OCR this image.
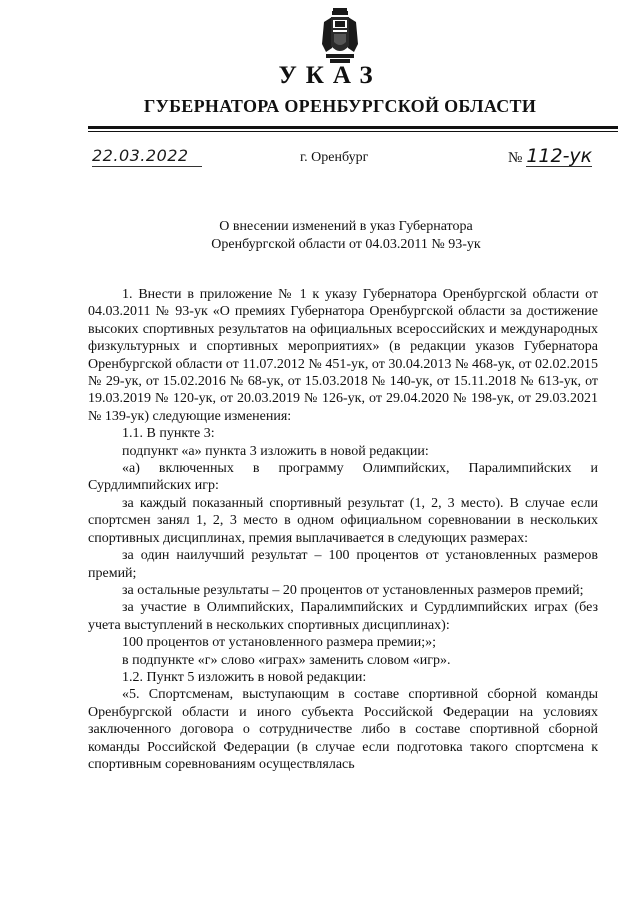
УКАЗ
ГУБЕРНАТОРА ОРЕНБУРГСКОЙ ОБЛАСТИ
22.03.2022	г. Оренбург	№ 112-ук
О внесении изменений в указ Губернатора
Оренбургской области от 04.03.2011 № 93-ук

1. Внести в приложение № 1 к указу Губернатора Оренбургской области от 04.03.2011 № 93-ук «О премиях Губернатора Оренбургской области за достижение высоких спортивных результатов на официальных всероссийских и международных физкультурных и спортивных мероприятиях» (в редакции указов Губернатора Оренбургской области от 11.07.2012 № 451-ук, от 30.04.2013 № 468-ук, от 02.02.2015 № 29-ук, от 15.02.2016 № 68-ук, от 15.03.2018 № 140-ук, от 15.11.2018 № 613-ук, от 19.03.2019 № 120-ук, от 20.03.2019 № 126-ук, от 29.04.2020 № 198-ук, от 29.03.2021 № 139-ук) следующие изменения:

1.1. В пункте 3:

подпункт «а» пункта 3 изложить в новой редакции:

«а) включенных в программу Олимпийских, Паралимпийских и Сурдлимпийских игр:

за каждый показанный спортивный результат (1, 2, 3 место). В случае если спортсмен занял 1, 2, 3 место в одном официальном соревновании в нескольких спортивных дисциплинах, премия выплачивается в следующих размерах:

за один наилучший результат – 100 процентов от установленных размеров премий;

за остальные результаты – 20 процентов от установленных размеров премий;

за участие в Олимпийских, Паралимпийских и Сурдлимпийских играх (без учета выступлений в нескольких спортивных дисциплинах):

100 процентов от установленного размера премии;»;

в подпункте «г» слово «играх» заменить словом «игр».

1.2. Пункт 5 изложить в новой редакции:

«5. Спортсменам, выступающим в составе спортивной сборной команды Оренбургской области и иного субъекта Российской Федерации на условиях заключенного договора о сотрудничестве либо в составе спортивной сборной команды Российской Федерации (в случае если подготовка такого спортсмена к спортивным соревнованиям осуществлялась
